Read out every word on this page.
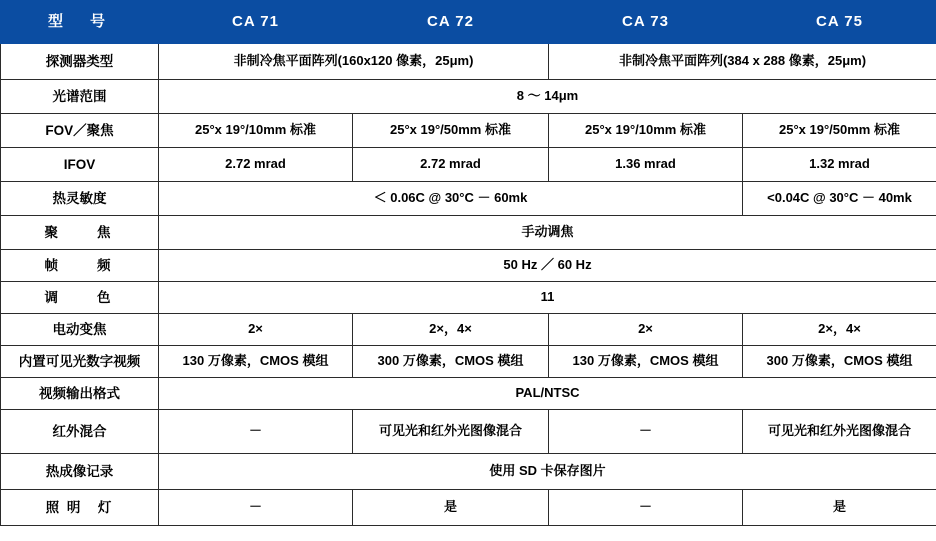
型　号	CA 71	CA 72	CA 73	CA 75
探测器类型	非制冷焦平面阵列(160x120 像素，25μm)		非制冷焦平面阵列(384 x 288 像素，25μm)	
光谱范围	8 ～ 14μm			
FOV／聚焦	25°x 19°/10mm 标准	25°x 19°/50mm 标准	25°x 19°/10mm 标准	25°x 19°/50mm 标准
IFOV	2.72 mrad	2.72 mrad	1.36 mrad	1.32 mrad
热灵敏度	＜ 0.06C @ 30°C － 60mk			<0.04C @ 30°C － 40mk
聚　　焦	手动调焦			
帧　　频	50 Hz ／ 60 Hz			
调　　色	11			
电动变焦	2×	2×，4×	2×	2×，4×

内置可见光数字视频	130 万像素，CMOS 模组	300 万像素，CMOS 模组	130 万像素，CMOS 模组	300 万像素，CMOS 模组
视频输出格式	PAL/NTSC			
红外混合	－	可见光和红外光图像混合	－	可见光和红外光图像混合
热成像记录	使用 SD 卡保存图片			
照 明　灯	－	是	－	是
